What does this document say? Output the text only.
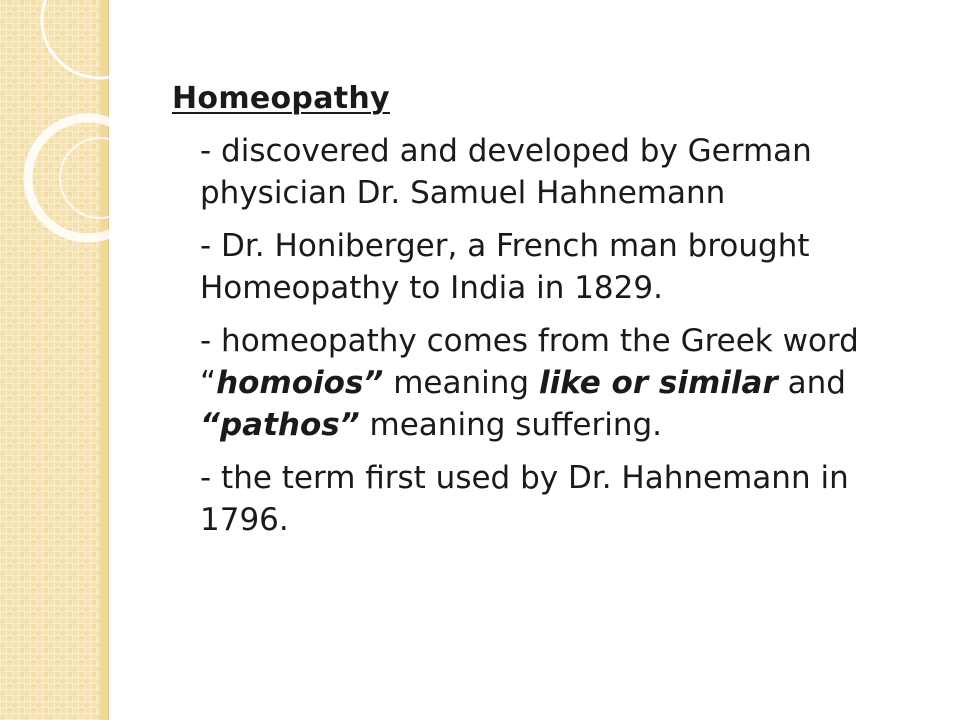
Homeopathy

- discovered and developed by German physician Dr. Samuel Hahnemann

- Dr. Honiberger, a French man brought Homeopathy to India in 1829.

- homeopathy comes from the Greek word “homoios” meaning like or similar and “pathos” meaning suffering.

- the term first used by Dr. Hahnemann in 1796.
